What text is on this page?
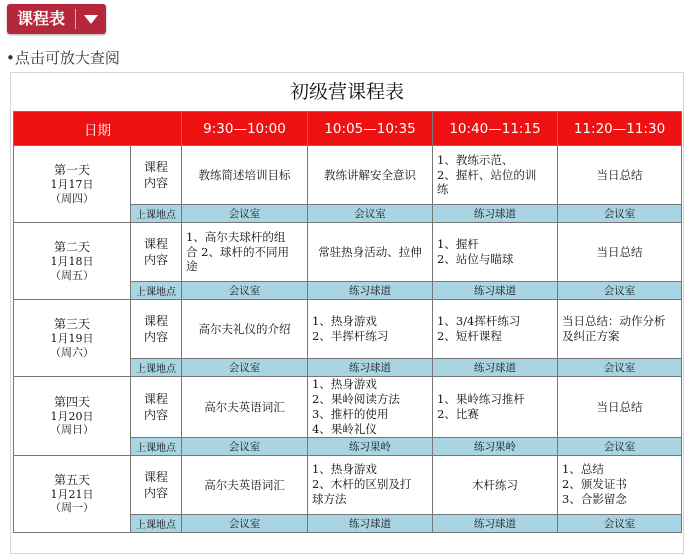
课程表
•点击可放大查阅
初级营课程表
日期		9:30—10:00	10:05—10:35	10:40—11:15	11:20—11:30

第一天
1月17日
（周四）	课程
内容	教练简述培训目标	教练讲解安全意识	1、教练示范、
2、握杆、站位的训
练	当日总结

	上课地点	会议室	会议室	练习球道	会议室

第二天
1月18日
（周五）	课程
内容	1、高尔夫球杆的组
合 2、球杆的不同用
途	常驻热身活动、拉伸	1、握杆
2、站位与瞄球	当日总结

	上课地点	会议室	练习球道	练习球道	会议室

第三天
1月19日
（周六）	课程
内容	高尔夫礼仪的介绍	1、热身游戏
2、半挥杆练习	1、3/4挥杆练习
2、短杆课程	当日总结：动作分析
及纠正方案

	上课地点	会议室	练习球道	练习球道	会议室

第四天
1月20日
（周日）	课程
内容	高尔夫英语词汇	1、热身游戏
2、果岭阅读方法
3、推杆的使用
4、果岭礼仪	1、果岭练习推杆
2、比赛	当日总结

	上课地点	会议室	练习果岭	练习果岭	会议室

第五天
1月21日
（周一）	课程
内容	高尔夫英语词汇	1、热身游戏
2、木杆的区别及打
球方法	木杆练习	1、总结
2、颁发证书
3、合影留念

	上课地点	会议室	练习球道	练习球道	会议室
